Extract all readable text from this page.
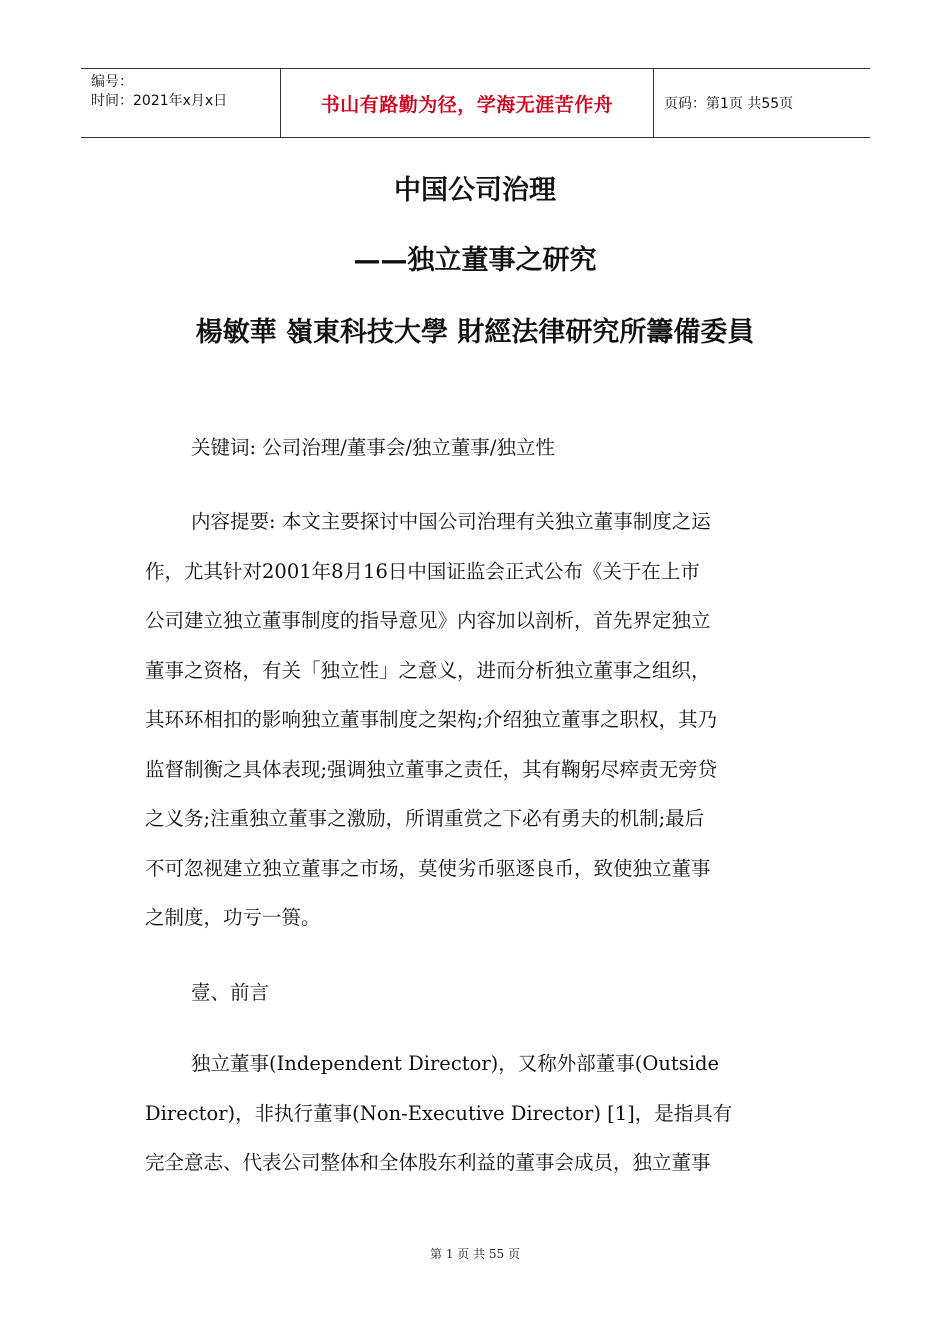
编号：
时间：2021年x月x日	书山有路勤为径，学海无涯苦作舟	页码：第1页 共55页
中国公司治理
——独立董事之研究
楊敏華 嶺東科技大學 財經法律研究所籌備委員
关键词: 公司治理/董事会/独立董事/独立性
内容提要: 本文主要探讨中国公司治理有关独立董事制度之运
作，尤其针对2001年8月16日中国证监会正式公布《关于在上市
公司建立独立董事制度的指导意见》内容加以剖析，首先界定独立
董事之资格，有关「独立性」之意义，进而分析独立董事之组织，
其环环相扣的影响独立董事制度之架构;介绍独立董事之职权，其乃
监督制衡之具体表现;强调独立董事之责任，其有鞠躬尽瘁责无旁贷
之义务;注重独立董事之激励，所谓重赏之下必有勇夫的机制;最后
不可忽视建立独立董事之市场，莫使劣币驱逐良币，致使独立董事
之制度，功亏一篑。
壹、前言
独立董事(Independent Director)，又称外部董事(Outside
Director)，非执行董事(Non-Executive Director) [1]，是指具有
完全意志、代表公司整体和全体股东利益的董事会成员，独立董事
第 1 页 共 55 页
